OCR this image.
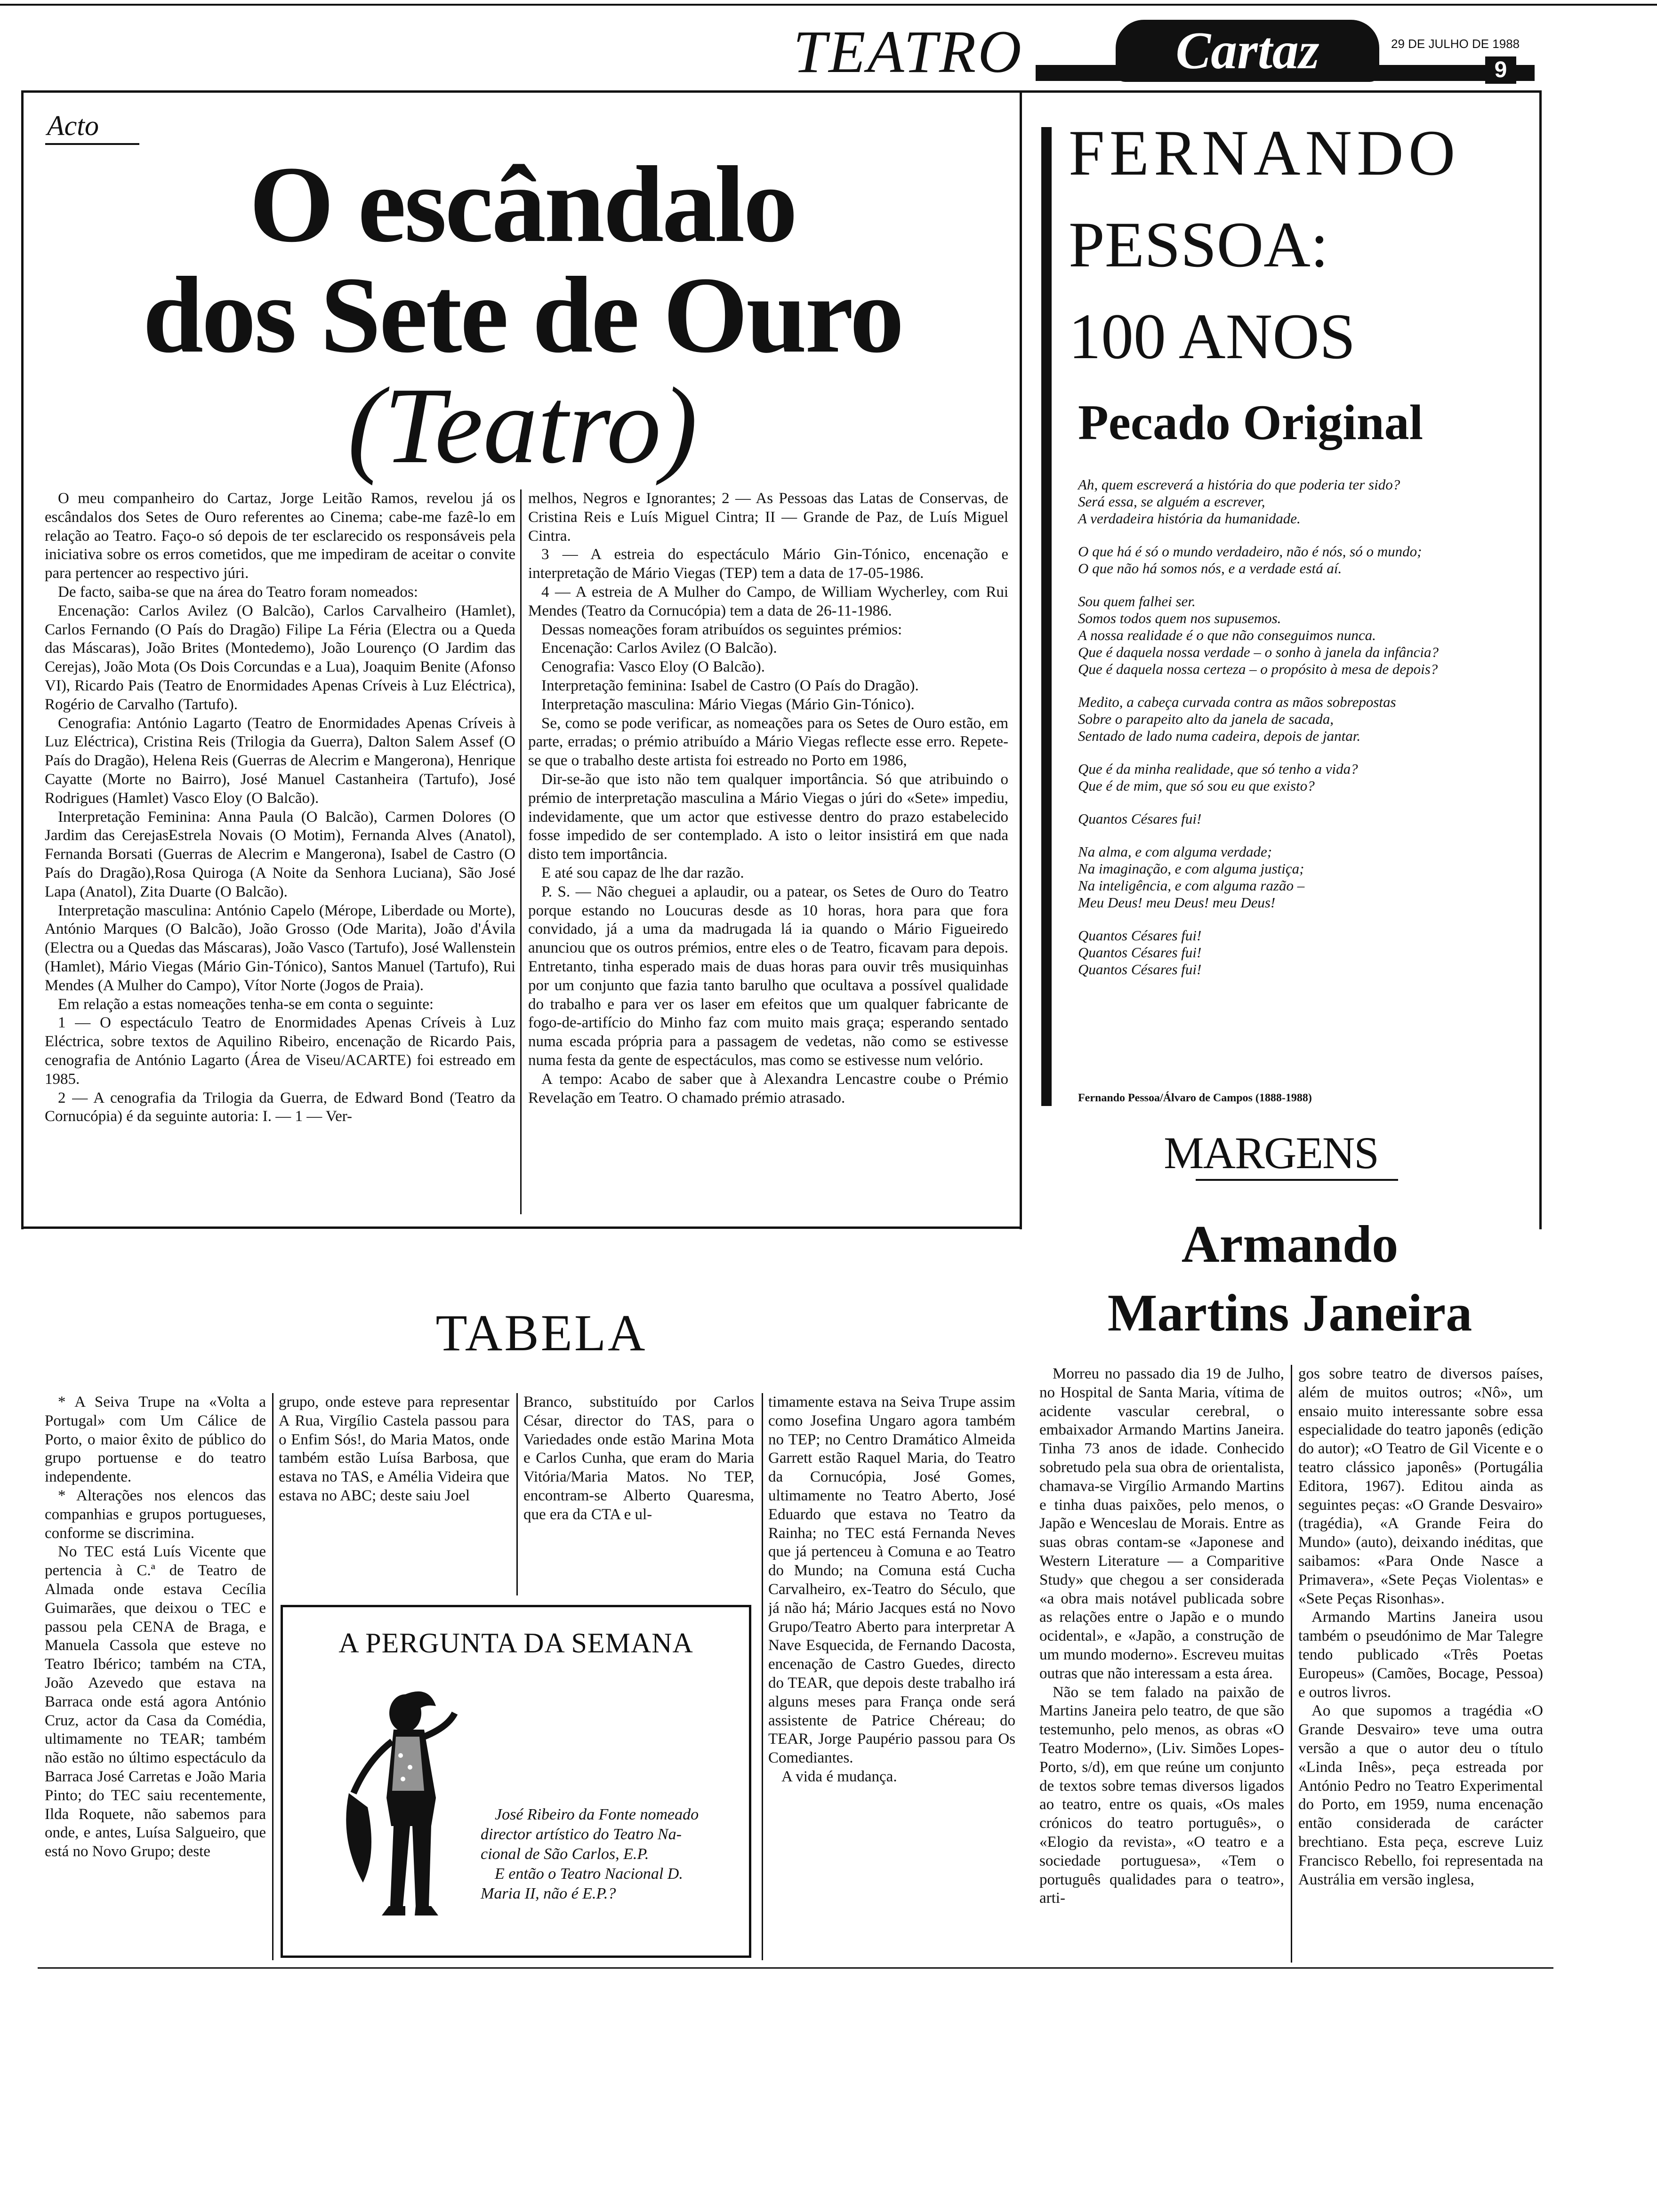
TEATRO	Cartaz	29 DE JULHO DE 1988
9
Acto
O escândalo
dos Sete de Ouro
(Teatro)

O meu companheiro do Cartaz, Jorge Leitão Ramos, revelou já os escândalos dos Setes de Ouro referentes ao Cinema; cabe-me fazê-lo em relação ao Teatro. Faço-o só depois de ter esclarecido os responsáveis pela iniciativa sobre os erros cometidos, que me impediram de aceitar o convite para pertencer ao respectivo júri.

De facto, saiba-se que na área do Teatro foram nomeados:

Encenação: Carlos Avilez (O Balcão), Carlos Carvalheiro (Hamlet), Carlos Fernando (O País do Dragão) Filipe La Féria (Electra ou a Queda das Máscaras), João Brites (Montedemo), João Lourenço (O Jardim das Cerejas), João Mota (Os Dois Corcundas e a Lua), Joaquim Benite (Afonso VI), Ricardo Pais (Teatro de Enormidades Apenas Críveis à Luz Eléctrica), Rogério de Carvalho (Tartufo).

Cenografia: António Lagarto (Teatro de Enormidades Apenas Críveis à Luz Eléctrica), Cristina Reis (Trilogia da Guerra), Dalton Salem Assef (O País do Dragão), Helena Reis (Guerras de Alecrim e Mangerona), Henrique Cayatte (Morte no Bairro), José Manuel Castanheira (Tartufo), José Rodrigues (Hamlet) Vasco Eloy (O Balcão).

Interpretação Feminina: Anna Paula (O Balcão), Carmen Dolores (O Jardim das CerejasEstrela Novais (O Motim), Fernanda Alves (Anatol), Fernanda Borsati (Guerras de Alecrim e Mangerona), Isabel de Castro (O País do Dragão),Rosa Quiroga (A Noite da Senhora Luciana), São José Lapa (Anatol), Zita Duarte (O Balcão).

Interpretação masculina: António Capelo (Mérope, Liberdade ou Morte), António Marques (O Balcão), João Grosso (Ode Marita), João d'Ávila (Electra ou a Quedas das Máscaras), João Vasco (Tartufo), José Wallenstein (Hamlet), Mário Viegas (Mário Gin-Tónico), Santos Manuel (Tartufo), Rui Mendes (A Mulher do Campo), Vítor Norte (Jogos de Praia).

Em relação a estas nomeações tenha-se em conta o seguinte:

1 — O espectáculo Teatro de Enormidades Apenas Críveis à Luz Eléctrica, sobre textos de Aquilino Ribeiro, encenação de Ricardo Pais, cenografia de António Lagarto (Área de Viseu/ACARTE) foi estreado em 1985.

2 — A cenografia da Trilogia da Guerra, de Edward Bond (Teatro da Cornucópia) é da seguinte autoria: I. — 1 — Ver-

melhos, Negros e Ignorantes; 2 — As Pessoas das Latas de Conservas, de Cristina Reis e Luís Miguel Cintra; II — Grande de Paz, de Luís Miguel Cintra.

3 — A estreia do espectáculo Mário Gin-Tónico, encenação e interpretação de Mário Viegas (TEP) tem a data de 17-05-1986.

4 — A estreia de A Mulher do Campo, de William Wycherley, com Rui Mendes (Teatro da Cornucópia) tem a data de 26-11-1986.

Dessas nomeações foram atribuídos os seguintes prémios:

Encenação: Carlos Avilez (O Balcão).

Cenografia: Vasco Eloy (O Balcão).

Interpretação feminina: Isabel de Castro (O País do Dragão).

Interpretação masculina: Mário Viegas (Mário Gin-Tónico).

Se, como se pode verificar, as nomeações para os Setes de Ouro estão, em parte, erradas; o prémio atribuído a Mário Viegas reflecte esse erro. Repete-se que o trabalho deste artista foi estreado no Porto em 1986,

Dir-se-ão que isto não tem qualquer importância. Só que atribuindo o prémio de interpretação masculina a Mário Viegas o júri do «Sete» impediu, indevidamente, que um actor que estivesse dentro do prazo estabelecido fosse impedido de ser contemplado. A isto o leitor insistirá em que nada disto tem importância.

E até sou capaz de lhe dar razão.

P. S. — Não cheguei a aplaudir, ou a patear, os Setes de Ouro do Teatro porque estando no Loucuras desde as 10 horas, hora para que fora convidado, já a uma da madrugada lá ia quando o Mário Figueiredo anunciou que os outros prémios, entre eles o de Teatro, ficavam para depois. Entretanto, tinha esperado mais de duas horas para ouvir três musiquinhas por um conjunto que fazia tanto barulho que ocultava a possível qualidade do trabalho e para ver os laser em efeitos que um qualquer fabricante de fogo-de-artifício do Minho faz com muito mais graça; esperando sentado numa escada própria para a passagem de vedetas, não como se estivesse numa festa da gente de espectáculos, mas como se estivesse num velório.

A tempo: Acabo de saber que à Alexandra Lencastre coube o Prémio Revelação em Teatro. O chamado prémio atrasado.

FERNANDO
PESSOA:
100 ANOS
Pecado Original

Ah, quem escreverá a história do que poderia ter sido?
Será essa, se alguém a escrever,
A verdadeira história da humanidade.

O que há é só o mundo verdadeiro, não é nós, só o mundo;
O que não há somos nós, e a verdade está aí.

Sou quem falhei ser.
Somos todos quem nos supusemos.
A nossa realidade é o que não conseguimos nunca.
Que é daquela nossa verdade – o sonho à janela da infância?
Que é daquela nossa certeza – o propósito à mesa de depois?

Medito, a cabeça curvada contra as mãos sobrepostas
Sobre o parapeito alto da janela de sacada,
Sentado de lado numa cadeira, depois de jantar.

Que é da minha realidade, que só tenho a vida?
Que é de mim, que só sou eu que existo?

Quantos Césares fui!

Na alma, e com alguma verdade;
Na imaginação, e com alguma justiça;
Na inteligência, e com alguma razão –
Meu Deus! meu Deus! meu Deus!

Quantos Césares fui!
Quantos Césares fui!
Quantos Césares fui!

Fernando Pessoa/Álvaro de Campos (1888-1988)
MARGENS
Armando
Martins Janeira

Morreu no passado dia 19 de Julho, no Hospital de Santa Maria, vítima de acidente vascular cerebral, o embaixador Armando Martins Janeira. Tinha 73 anos de idade. Conhecido sobretudo pela sua obra de orientalista, chamava-se Virgílio Armando Martins e tinha duas paixões, pelo menos, o Japão e Wenceslau de Morais. Entre as suas obras contam-se «Japonese and Western Literature — a Comparitive Study» que chegou a ser considerada «a obra mais notável publicada sobre as relações entre o Japão e o mundo ocidental», e «Japão, a construção de um mundo moderno». Escreveu muitas outras que não interessam a esta área.

Não se tem falado na paixão de Martins Janeira pelo teatro, de que são testemunho, pelo menos, as obras «O Teatro Moderno», (Liv. Simões Lopes-Porto, s/d), em que reúne um conjunto de textos sobre temas diversos ligados ao teatro, entre os quais, «Os males crónicos do teatro português», o «Elogio da revista», «O teatro e a sociedade portuguesa», «Tem o português qualidades para o teatro», arti-

gos sobre teatro de diversos países, além de muitos outros; «Nô», um ensaio muito interessante sobre essa especialidade do teatro japonês (edição do autor); «O Teatro de Gil Vicente e o teatro clássico japonês» (Portugália Editora, 1967). Editou ainda as seguintes peças: «O Grande Desvairo» (tragédia), «A Grande Feira do Mundo» (auto), deixando inéditas, que saibamos: «Para Onde Nasce a Primavera», «Sete Peças Violentas» e «Sete Peças Risonhas».

Armando Martins Janeira usou também o pseudónimo de Mar Talegre tendo publicado «Três Poetas Europeus» (Camões, Bocage, Pessoa) e outros livros.

Ao que supomos a tragédia «O Grande Desvairo» teve uma outra versão a que o autor deu o título «Linda Inês», peça estreada por António Pedro no Teatro Experimental do Porto, em 1959, numa encenação então considerada de carácter brechtiano. Esta peça, escreve Luiz Francisco Rebello, foi representada na Austrália em versão inglesa,

TABELA

* A Seiva Trupe na «Volta a Portugal» com Um Cálice de Porto, o maior êxito de público do grupo portuense e do teatro independente.

* Alterações nos elencos das companhias e grupos portugueses, conforme se discrimina.

No TEC está Luís Vicente que pertencia à C.ª de Teatro de Almada onde estava Cecília Guimarães, que deixou o TEC e passou pela CENA de Braga, e Manuela Cassola que esteve no Teatro Ibérico; também na CTA, João Azevedo que estava na Barraca onde está agora António Cruz, actor da Casa da Comédia, ultimamente no TEAR; também não estão no último espectáculo da Barraca José Carretas e João Maria Pinto; do TEC saiu recentemente, Ilda Roquete, não sabemos para onde, e antes, Luísa Salgueiro, que está no Novo Grupo; deste

grupo, onde esteve para representar A Rua, Virgílio Castela passou para o Enfim Sós!, do Maria Matos, onde também estão Luísa Barbosa, que estava no TAS, e Amélia Videira que estava no ABC; deste saiu Joel

Branco, substituído por Carlos César, director do TAS, para o Variedades onde estão Marina Mota e Carlos Cunha, que eram do Maria Vitória/Maria Matos. No TEP, encontram-se Alberto Quaresma, que era da CTA e ul-

timamente estava na Seiva Trupe assim como Josefina Ungaro agora também no TEP; no Centro Dramático Almeida Garrett estão Raquel Maria, do Teatro da Cornucópia, José Gomes, ultimamente no Teatro Aberto, José Eduardo que estava no Teatro da Rainha; no TEC está Fernanda Neves que já pertenceu à Comuna e ao Teatro do Mundo; na Comuna está Cucha Carvalheiro, ex-Teatro do Século, que já não há; Mário Jacques está no Novo Grupo/Teatro Aberto para interpretar A Nave Esquecida, de Fernando Dacosta, encenação de Castro Guedes, directo do TEAR, que depois deste trabalho irá alguns meses para França onde será assistente de Patrice Chéreau; do TEAR, Jorge Paupério passou para Os Comediantes.

A vida é mudança.

A PERGUNTA DA SEMANA
José Ribeiro da Fonte nomeado
director artístico do Teatro Na-
cional de São Carlos, E.P.
E então o Teatro Nacional D.
Maria II, não é E.P.?
